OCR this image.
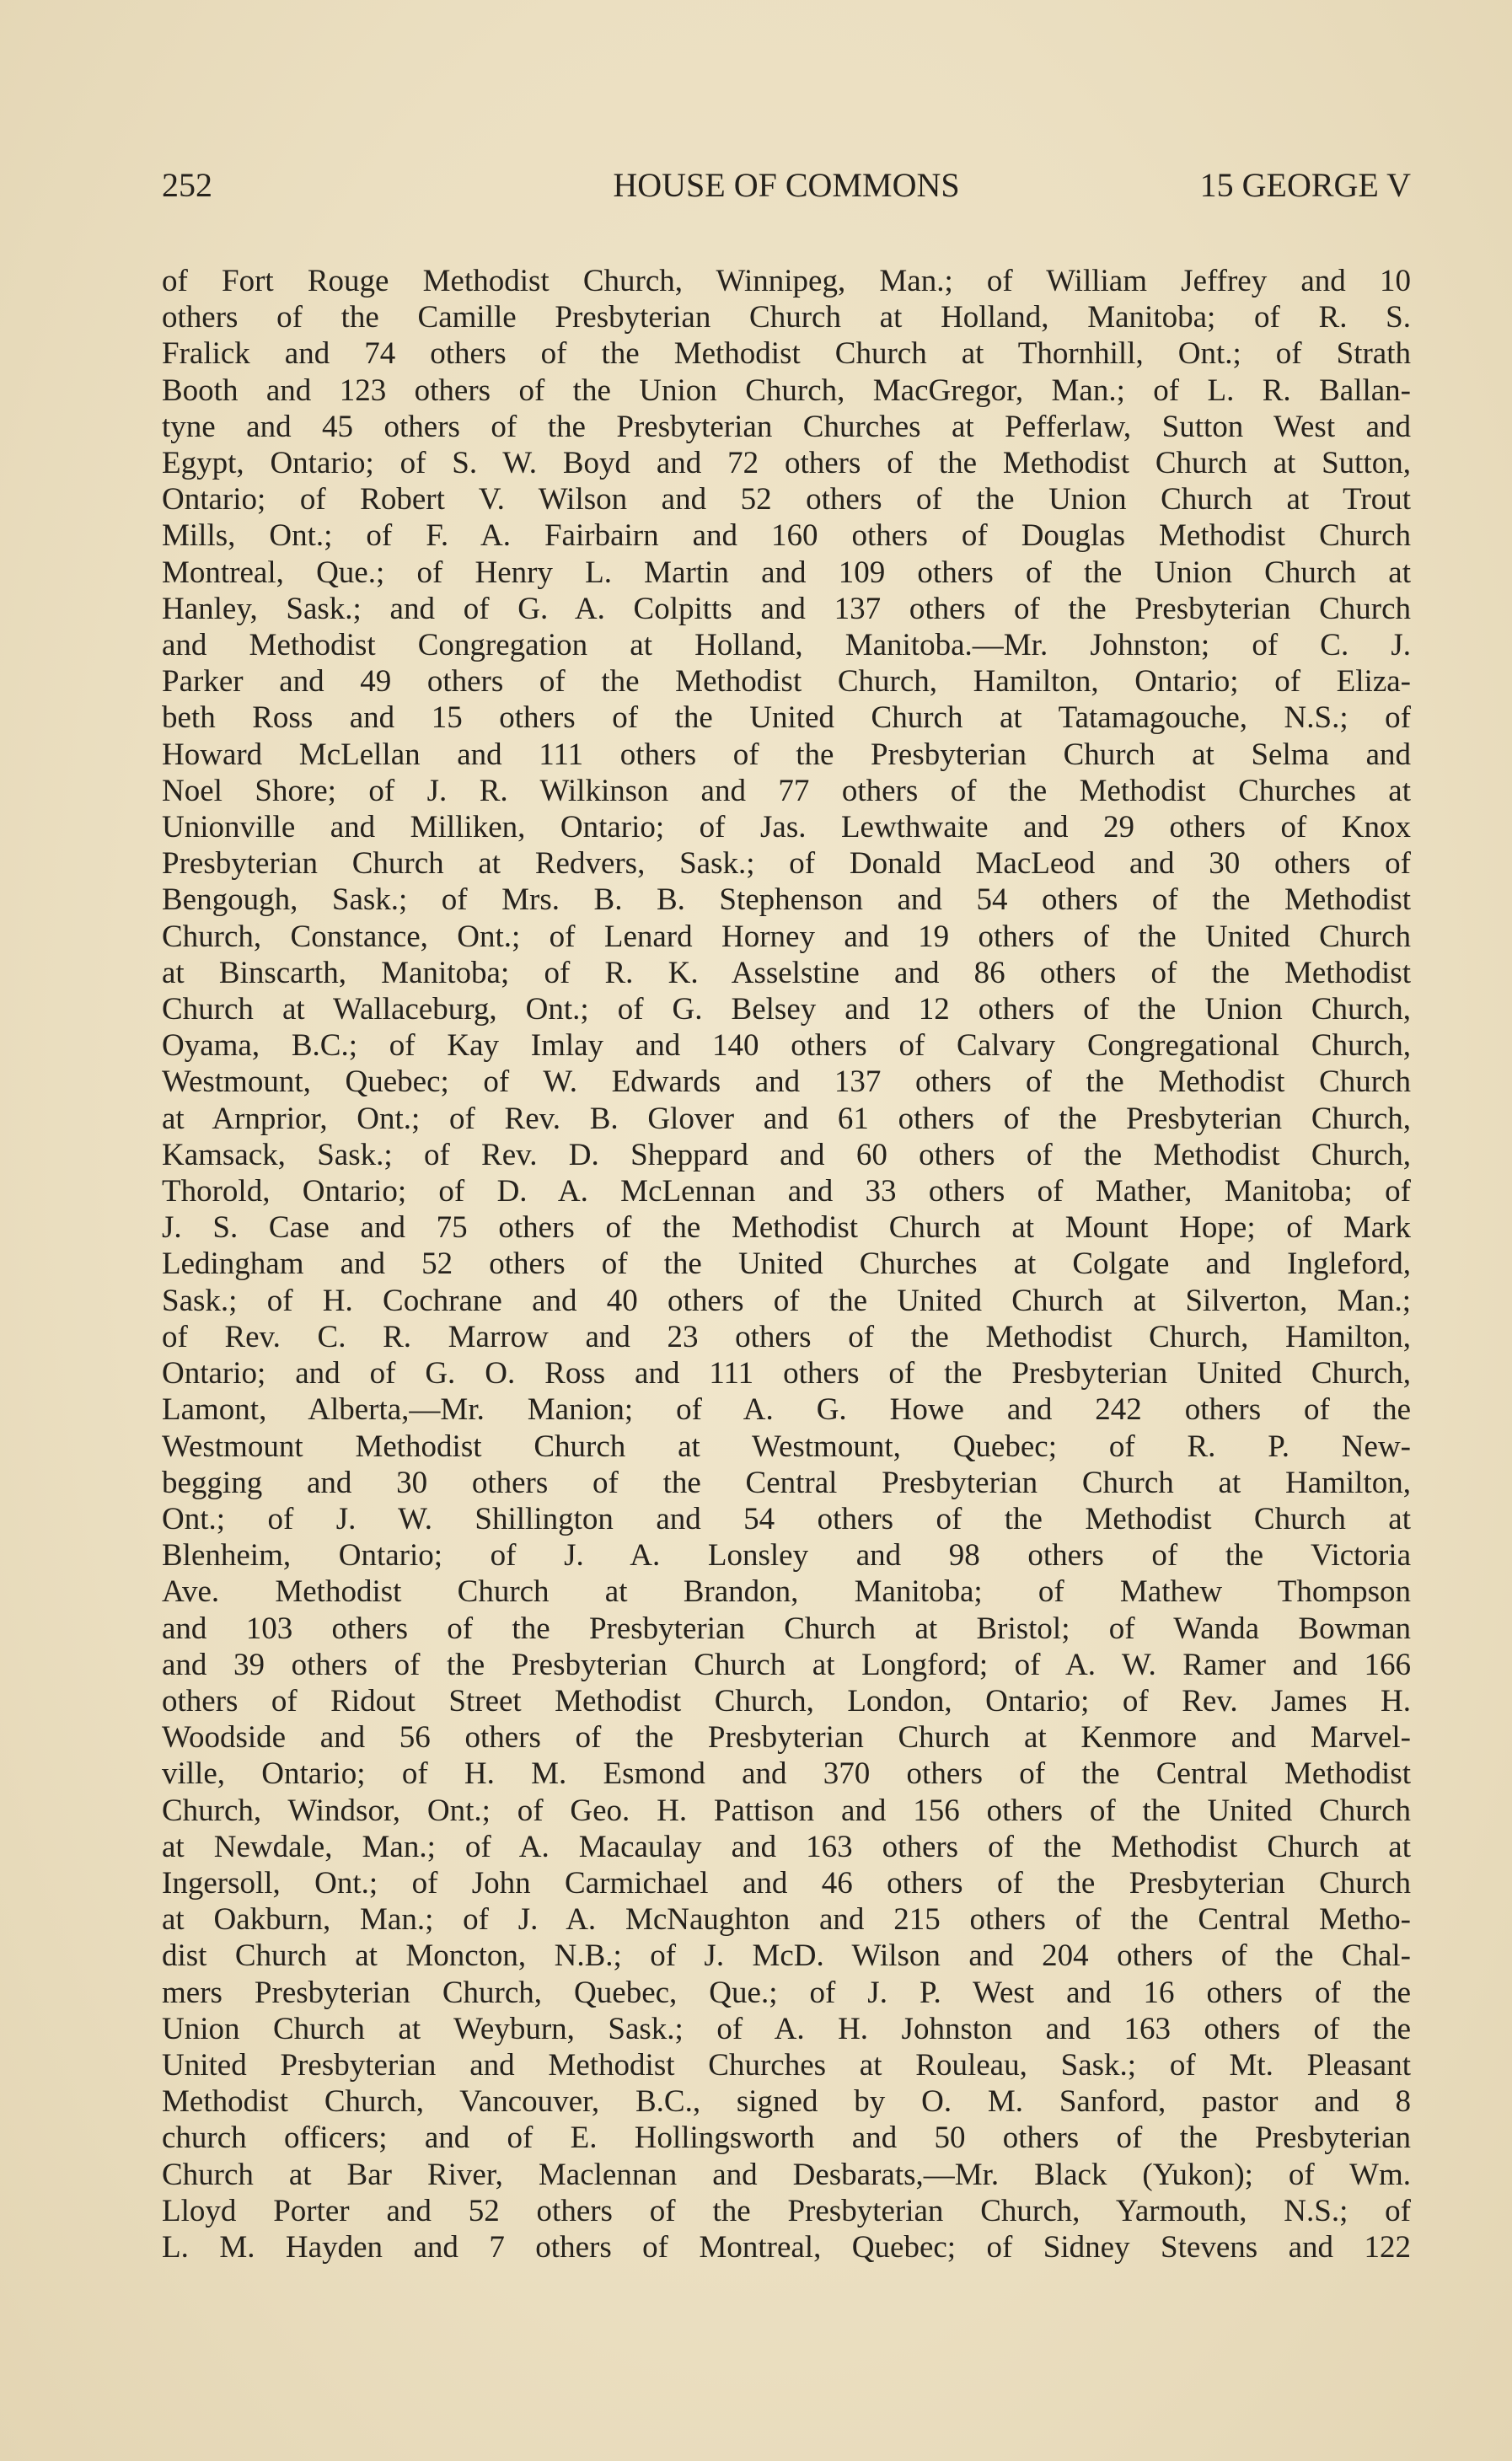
252	HOUSE OF COMMONS	15 GEORGE V
of Fort Rouge Methodist Church, Winnipeg, Man.; of William Jeffrey and 10
others of the Camille Presbyterian Church at Holland, Manitoba; of R. S.
Fralick and 74 others of the Methodist Church at Thornhill, Ont.; of Strath
Booth and 123 others of the Union Church, MacGregor, Man.; of L. R. Ballan-
tyne and 45 others of the Presbyterian Churches at Pefferlaw, Sutton West and
Egypt, Ontario; of S. W. Boyd and 72 others of the Methodist Church at Sutton,
Ontario; of Robert V. Wilson and 52 others of the Union Church at Trout
Mills, Ont.; of F. A. Fairbairn and 160 others of Douglas Methodist Church
Montreal, Que.; of Henry L. Martin and 109 others of the Union Church at
Hanley, Sask.; and of G. A. Colpitts and 137 others of the Presbyterian Church
and Methodist Congregation at Holland, Manitoba.—Mr. Johnston; of C. J.
Parker and 49 others of the Methodist Church, Hamilton, Ontario; of Eliza-
beth Ross and 15 others of the United Church at Tatamagouche, N.S.; of
Howard McLellan and 111 others of the Presbyterian Church at Selma and
Noel Shore; of J. R. Wilkinson and 77 others of the Methodist Churches at
Unionville and Milliken, Ontario; of Jas. Lewthwaite and 29 others of Knox
Presbyterian Church at Redvers, Sask.; of Donald MacLeod and 30 others of
Bengough, Sask.; of Mrs. B. B. Stephenson and 54 others of the Methodist
Church, Constance, Ont.; of Lenard Horney and 19 others of the United Church
at Binscarth, Manitoba; of R. K. Asselstine and 86 others of the Methodist
Church at Wallaceburg, Ont.; of G. Belsey and 12 others of the Union Church,
Oyama, B.C.; of Kay Imlay and 140 others of Calvary Congregational Church,
Westmount, Quebec; of W. Edwards and 137 others of the Methodist Church
at Arnprior, Ont.; of Rev. B. Glover and 61 others of the Presbyterian Church,
Kamsack, Sask.; of Rev. D. Sheppard and 60 others of the Methodist Church,
Thorold, Ontario; of D. A. McLennan and 33 others of Mather, Manitoba; of
J. S. Case and 75 others of the Methodist Church at Mount Hope; of Mark
Ledingham and 52 others of the United Churches at Colgate and Ingleford,
Sask.; of H. Cochrane and 40 others of the United Church at Silverton, Man.;
of Rev. C. R. Marrow and 23 others of the Methodist Church, Hamilton,
Ontario; and of G. O. Ross and 111 others of the Presbyterian United Church,
Lamont, Alberta,—Mr. Manion; of A. G. Howe and 242 others of the
Westmount Methodist Church at Westmount, Quebec; of R. P. New-
begging and 30 others of the Central Presbyterian Church at Hamilton,
Ont.; of J. W. Shillington and 54 others of the Methodist Church at
Blenheim, Ontario; of J. A. Lonsley and 98 others of the Victoria
Ave. Methodist Church at Brandon, Manitoba; of Mathew Thompson
and 103 others of the Presbyterian Church at Bristol; of Wanda Bowman
and 39 others of the Presbyterian Church at Longford; of A. W. Ramer and 166
others of Ridout Street Methodist Church, London, Ontario; of Rev. James H.
Woodside and 56 others of the Presbyterian Church at Kenmore and Marvel-
ville, Ontario; of H. M. Esmond and 370 others of the Central Methodist
Church, Windsor, Ont.; of Geo. H. Pattison and 156 others of the United Church
at Newdale, Man.; of A. Macaulay and 163 others of the Methodist Church at
Ingersoll, Ont.; of John Carmichael and 46 others of the Presbyterian Church
at Oakburn, Man.; of J. A. McNaughton and 215 others of the Central Metho-
dist Church at Moncton, N.B.; of J. McD. Wilson and 204 others of the Chal-
mers Presbyterian Church, Quebec, Que.; of J. P. West and 16 others of the
Union Church at Weyburn, Sask.; of A. H. Johnston and 163 others of the
United Presbyterian and Methodist Churches at Rouleau, Sask.; of Mt. Pleasant
Methodist Church, Vancouver, B.C., signed by O. M. Sanford, pastor and 8
church officers; and of E. Hollingsworth and 50 others of the Presbyterian
Church at Bar River, Maclennan and Desbarats,—Mr. Black (Yukon); of Wm.
Lloyd Porter and 52 others of the Presbyterian Church, Yarmouth, N.S.; of
L. M. Hayden and 7 others of Montreal, Quebec; of Sidney Stevens and 122
